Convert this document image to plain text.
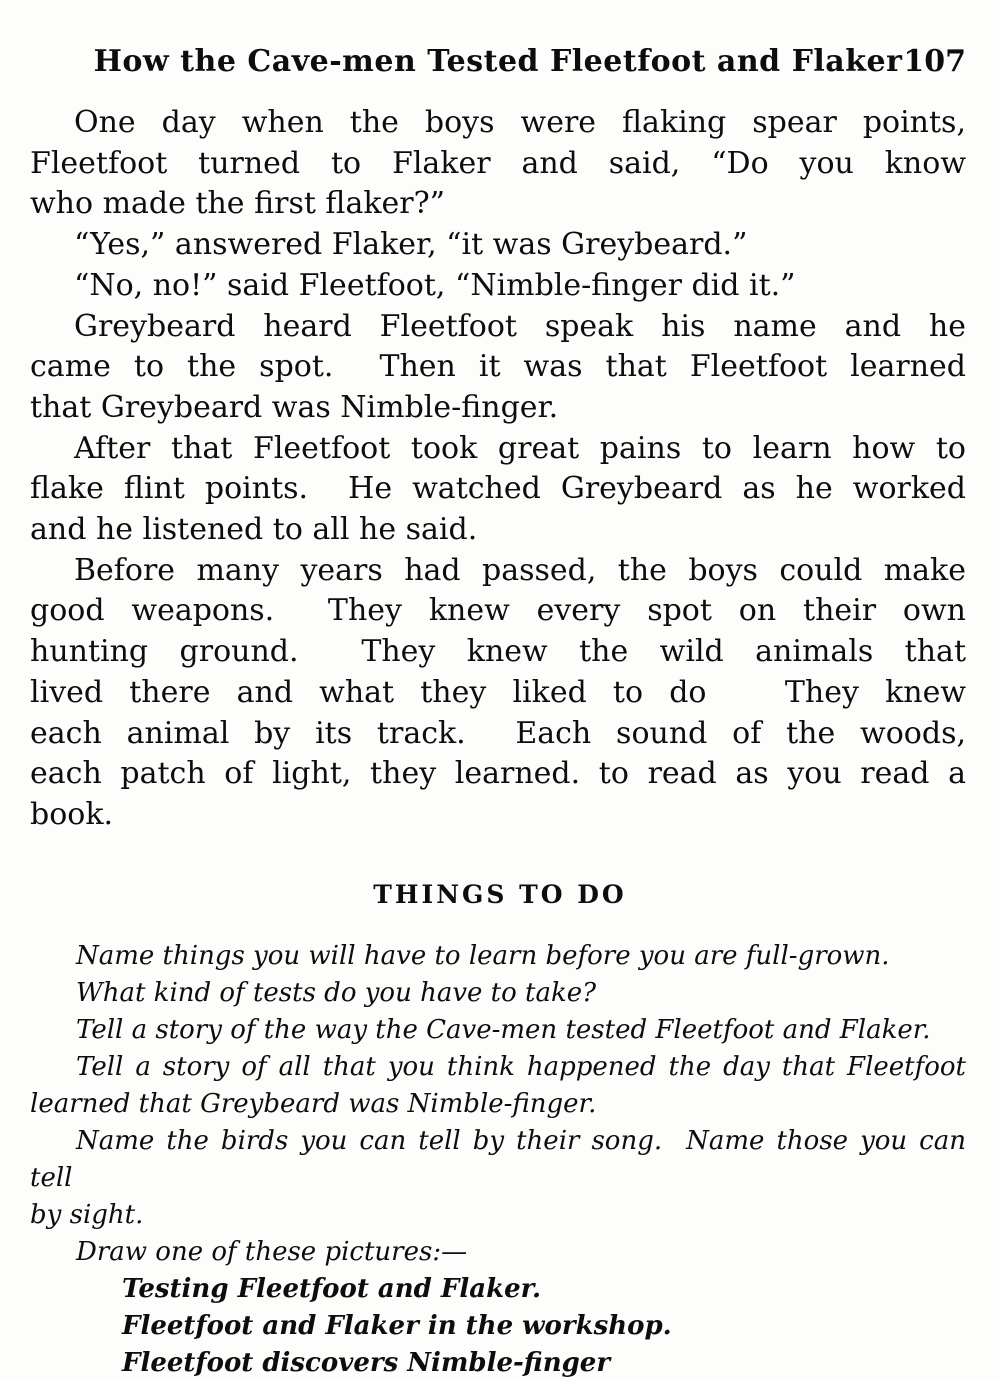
How the Cave-men Tested Fleetfoot and Flaker 107
One day when the boys were flaking spear points,
Fleetfoot turned to Flaker and said, “Do you know
who made the first flaker?”
“Yes,” answered Flaker, “it was Greybeard.”
“No, no!” said Fleetfoot, “Nimble-finger did it.”
Greybeard heard Fleetfoot speak his name and he
came to the spot.  Then it was that Fleetfoot learned
that Greybeard was Nimble-finger.
After that Fleetfoot took great pains to learn how to
flake flint points.  He watched Greybeard as he worked
and he listened to all he said.
Before many years had passed, the boys could make
good weapons.  They knew every spot on their own
hunting ground.  They knew the wild animals that
lived there and what they liked to do   They knew
each animal by its track.  Each sound of the woods,
each patch of light, they learned. to read as you read a
book.
THINGS TO DO
Name things you will have to learn before you are full-grown.
What kind of tests do you have to take?
Tell a story of the way the Cave-men tested Fleetfoot and Flaker.
Tell a story of all that you think happened the day that Fleetfoot
learned that Greybeard was Nimble-finger.
Name the birds you can tell by their song.  Name those you can tell
by sight.
Draw one of these pictures:—
Testing Fleetfoot and Flaker.
Fleetfoot and Flaker in the workshop.
Fleetfoot discovers Nimble-finger
